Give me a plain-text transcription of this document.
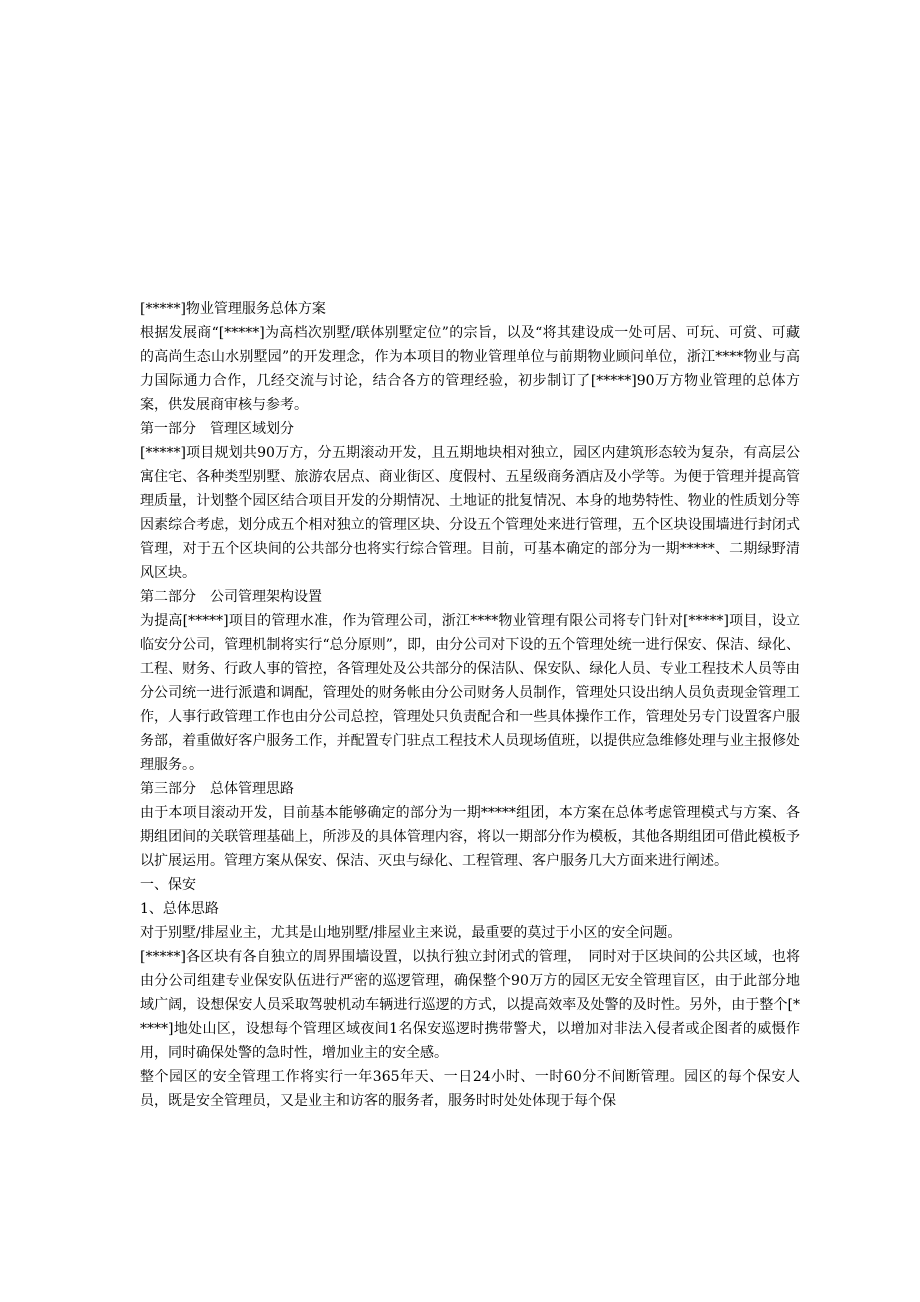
[*****]物业管理服务总体方案

根据发展商“[*****]为高档次别墅/联体别墅定位”的宗旨，以及“将其建设成一处可居、可玩、可赏、可藏的高尚生态山水别墅园”的开发理念，作为本项目的物业管理单位与前期物业顾问单位，浙江****物业与高力国际通力合作，几经交流与讨论，结合各方的管理经验，初步制订了[*****]90万方物业管理的总体方案，供发展商审核与参考。

第一部分　管理区域划分

[*****]项目规划共90万方，分五期滚动开发，且五期地块相对独立，园区内建筑形态较为复杂，有高层公寓住宅、各种类型别墅、旅游农居点、商业街区、度假村、五星级商务酒店及小学等。为便于管理并提高管理质量，计划整个园区结合项目开发的分期情况、土地证的批复情况、本身的地势特性、物业的性质划分等因素综合考虑，划分成五个相对独立的管理区块、分设五个管理处来进行管理，五个区块设围墙进行封闭式管理，对于五个区块间的公共部分也将实行综合管理。目前，可基本确定的部分为一期*****、二期绿野清风区块。

第二部分　公司管理架构设置

为提高[*****]项目的管理水准，作为管理公司，浙江****物业管理有限公司将专门针对[*****]项目，设立临安分公司，管理机制将实行“总分原则”，即，由分公司对下设的五个管理处统一进行保安、保洁、绿化、工程、财务、行政人事的管控，各管理处及公共部分的保洁队、保安队、绿化人员、专业工程技术人员等由分公司统一进行派遣和调配，管理处的财务帐由分公司财务人员制作，管理处只设出纳人员负责现金管理工作，人事行政管理工作也由分公司总控，管理处只负责配合和一些具体操作工作，管理处另专门设置客户服务部，着重做好客户服务工作，并配置专门驻点工程技术人员现场值班，以提供应急维修处理与业主报修处理服务。。

第三部分　总体管理思路

由于本项目滚动开发，目前基本能够确定的部分为一期*****组团，本方案在总体考虑管理模式与方案、各期组团间的关联管理基础上，所涉及的具体管理内容，将以一期部分作为模板，其他各期组团可借此模板予以扩展运用。管理方案从保安、保洁、灭虫与绿化、工程管理、客户服务几大方面来进行阐述。

一、保安

1、总体思路

对于别墅/排屋业主，尤其是山地别墅/排屋业主来说，最重要的莫过于小区的安全问题。

[*****]各区块有各自独立的周界围墙设置，以执行独立封闭式的管理，　同时对于区块间的公共区域，也将由分公司组建专业保安队伍进行严密的巡逻管理，确保整个90万方的园区无安全管理盲区，由于此部分地域广阔，设想保安人员采取驾驶机动车辆进行巡逻的方式，以提高效率及处警的及时性。另外，由于整个[*****]地处山区，设想每个管理区域夜间1名保安巡逻时携带警犬，以增加对非法入侵者或企图者的威慑作用，同时确保处警的急时性，增加业主的安全感。

整个园区的安全管理工作将实行一年365年天、一日24小时、一时60分不间断管理。园区的每个保安人员，既是安全管理员，又是业主和访客的服务者，服务时时处处体现于每个保
